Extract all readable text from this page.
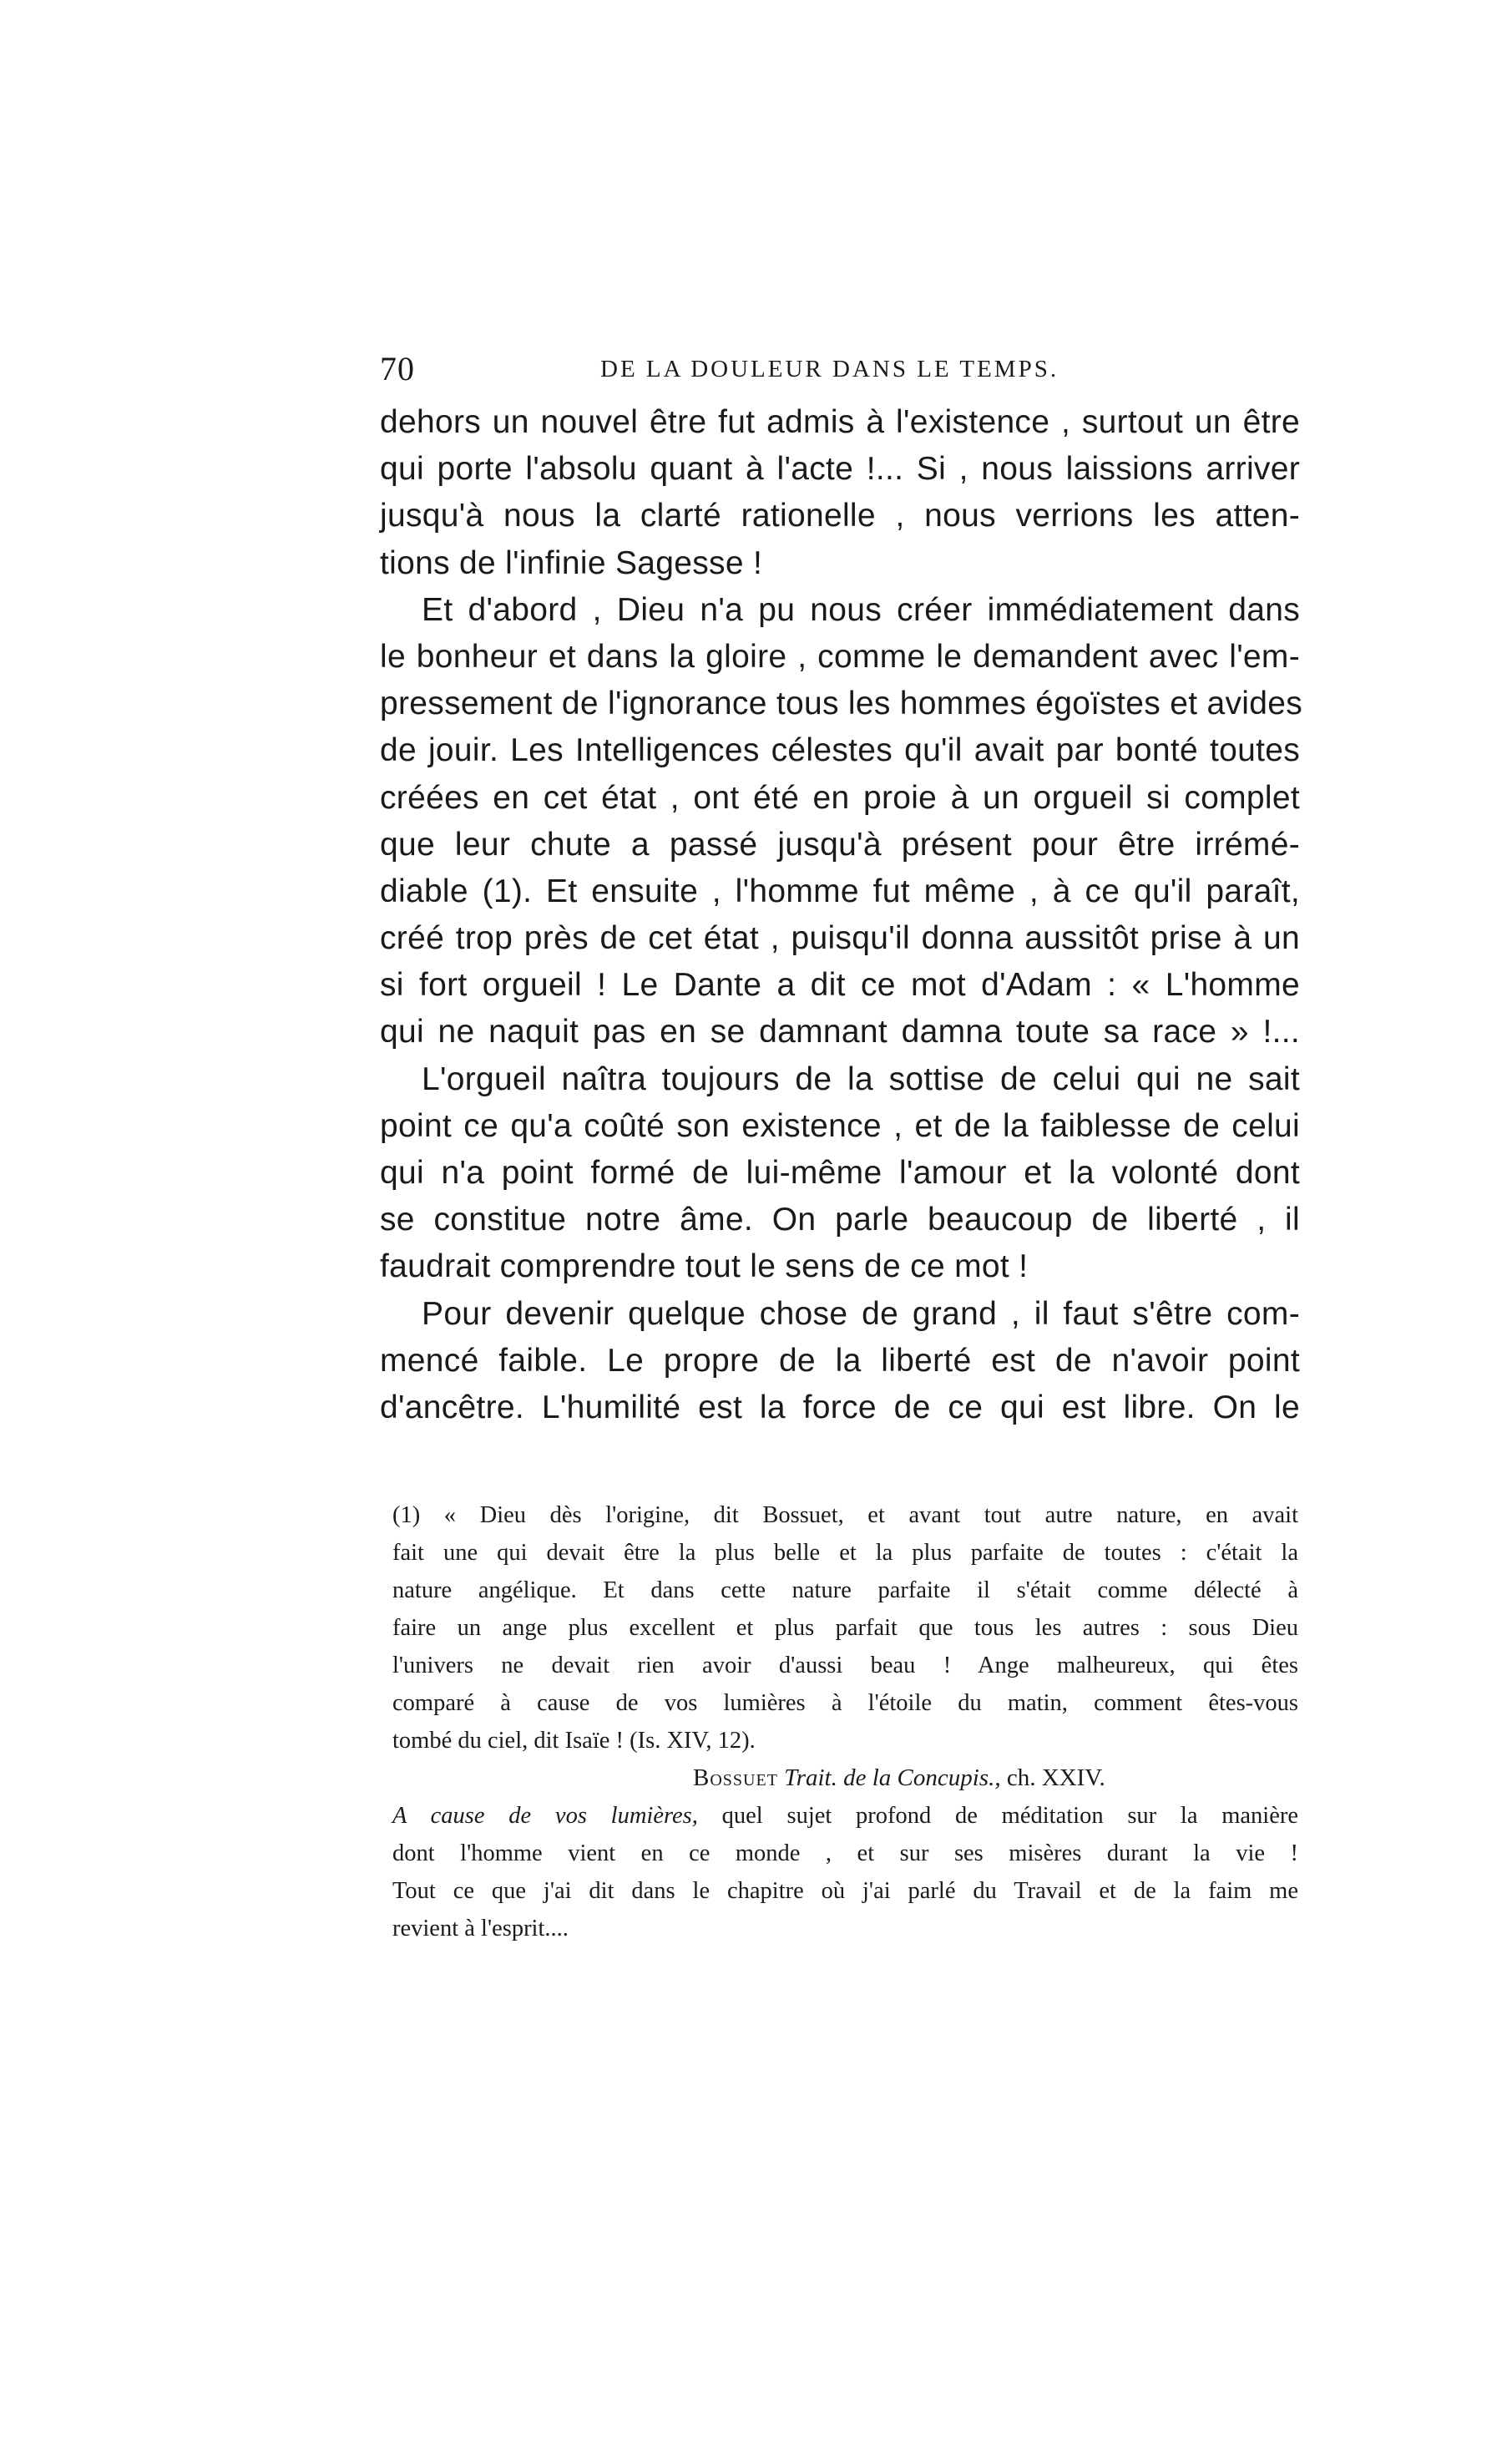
70	DE LA DOULEUR DANS LE TEMPS.
dehors un nouvel être fut admis à l'existence , surtout un être
qui porte l'absolu quant à l'acte !... Si , nous laissions arriver
jusqu'à nous la clarté rationelle , nous verrions les atten-
tions de l'infinie Sagesse !
Et d'abord , Dieu n'a pu nous créer immédiatement dans
le bonheur et dans la gloire , comme le demandent avec l'em-
pressement de l'ignorance tous les hommes égoïstes et avides
de jouir. Les Intelligences célestes qu'il avait par bonté toutes
créées en cet état , ont été en proie à un orgueil si complet
que leur chute a passé jusqu'à présent pour être irrémé-
diable (1). Et ensuite , l'homme fut même , à ce qu'il paraît,
créé trop près de cet état , puisqu'il donna aussitôt prise à un
si fort orgueil ! Le Dante a dit ce mot d'Adam : « L'homme
qui ne naquit pas en se damnant damna toute sa race » !...
L'orgueil naîtra toujours de la sottise de celui qui ne sait
point ce qu'a coûté son existence , et de la faiblesse de celui
qui n'a point formé de lui-même l'amour et la volonté dont
se constitue notre âme. On parle beaucoup de liberté , il
faudrait comprendre tout le sens de ce mot !
Pour devenir quelque chose de grand , il faut s'être com-
mencé faible. Le propre de la liberté est de n'avoir point
d'ancêtre. L'humilité est la force de ce qui est libre. On le
(1) « Dieu dès l'origine, dit Bossuet, et avant tout autre nature, en avait
fait une qui devait être la plus belle et la plus parfaite de toutes : c'était la
nature angélique. Et dans cette nature parfaite il s'était comme délecté à
faire un ange plus excellent et plus parfait que tous les autres : sous Dieu
l'univers ne devait rien avoir d'aussi beau ! Ange malheureux, qui êtes
comparé à cause de vos lumières à l'étoile du matin, comment êtes-vous
tombé du ciel, dit Isaïe ! (Is. XIV, 12).
Bossuet Trait. de la Concupis., ch. XXIV.
A cause de vos lumières, quel sujet profond de méditation sur la manière
dont l'homme vient en ce monde , et sur ses misères durant la vie !
Tout ce que j'ai dit dans le chapitre où j'ai parlé du Travail et de la faim me
revient à l'esprit....
